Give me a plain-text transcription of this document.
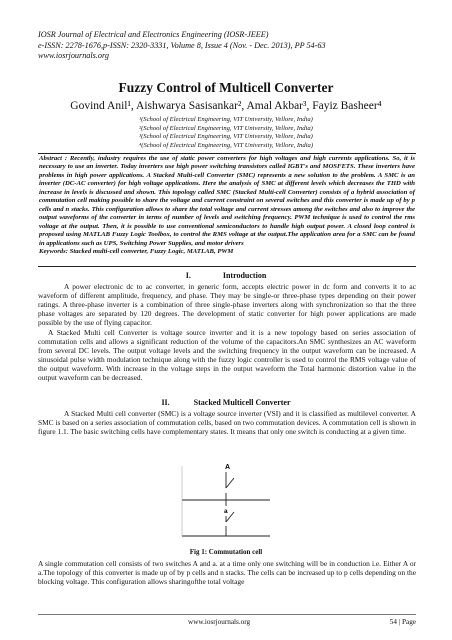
IOSR Journal of Electrical and Electronics Engineering (IOSR-JEEE)
e-ISSN: 2278-1676,p-ISSN: 2320-3331, Volume 8, Issue 4 (Nov. - Dec. 2013), PP 54-63
www.iosrjournals.org
Fuzzy Control of Multicell Converter
Govind Anil¹, Aishwarya Sasisankar², Amal Akbar³, Fayiz Basheer⁴
¹(School of Electrical Engineering, VIT University, Vellore, India)
²(School of Electrical Engineering, VIT University, Vellore, India)
³(School of Electrical Engineering, VIT University, Vellore, India)
⁴(School of Electrical Engineering, VIT University, Vellore, India)
Abstract : Recently, industry requires the use of static power converters for high voltages and high currents applications. So, it is necessary to use an inverter. Today inverters use high power switching transistors called IGBT's and MOSFETS. These inverters have problems in high power applications. A Stacked Multi-cell Converter (SMC) represents a new solution to the problem. A SMC is an inverter (DC-AC converter) for high voltage applications. Here the analysis of SMC at different levels which decreases the THD with increase in levels is discussed and shown. This topology called SMC (Stacked Multi-cell Converter) consists of a hybrid association of commutation cell making possible to share the voltage and current constraint on several switches and this converter is made up of by p cells and n stacks. This configuration allows to share the total voltage and current stresses among the switches and also to improve the output waveforms of the converter in terms of number of levels and switching frequency. PWM technique is used to control the rms voltage at the output. Then, it is possible to use conventional semiconductors to handle high output power. A closed loop control is proposed using MATLAB Fuzzy Logic Toolbox, to control the RMS voltage at the output.The application area for a SMC can be found in applications such as UPS, Switching Power Supplies, and motor drivers
Keywords: Stacked multi-cell converter, Fuzzy Logic, MATLAB, PWM
I.	Introduction
A power electronic dc to ac converter, in generic form, accepts electric power in dc form and converts it to ac waveform of different amplitude, frequency, and phase. They may be single-or three-phase types depending on their power ratings. A three-phase inverter is a combination of three single-phase inverters along with synchronization so that the three phase voltages are separated by 120 degrees. The development of static converter for high power applications are made possible by the use of flying capacitor.
A Stacked Multi cell Converter is voltage source inverter and it is a new topology based on series association of commutation cells and allows a significant reduction of the volume of the capacitors.An SMC synthesizes an AC waveform from several DC levels. The output voltage levels and the switching frequency in the output waveform can be increased. A sinusoidal pulse width modulation technique along with the fuzzy logic controller is used to control the RMS voltage value of the output waveform. With increase in the voltage steps in the output waveform the Total harmonic distortion value in the output waveform can be decreased.
II.	Stacked Multicell Converter
A Stacked Multi cell converter (SMC) is a voltage source inverter (VSI) and it is classified as multilevel converter. A SMC is based on a series association of commutation cells, based on two commutation devices. A commutation cell is shown in figure 1.1. The basic switching cells have complementary states. It means that only one switch is conducting at a given time.
A
a
Fig 1: Commutation cell
A single commutation cell consists of two switches A and a. at a time only one switching will be in conduction i.e. Either A or a.The topology of this converter is made up of by p cells and n stacks. The cells can be increased up to p cells depending on the blocking voltage. This configuration allows sharingofthe total voltage
www.iosrjournals.org	54 | Page
